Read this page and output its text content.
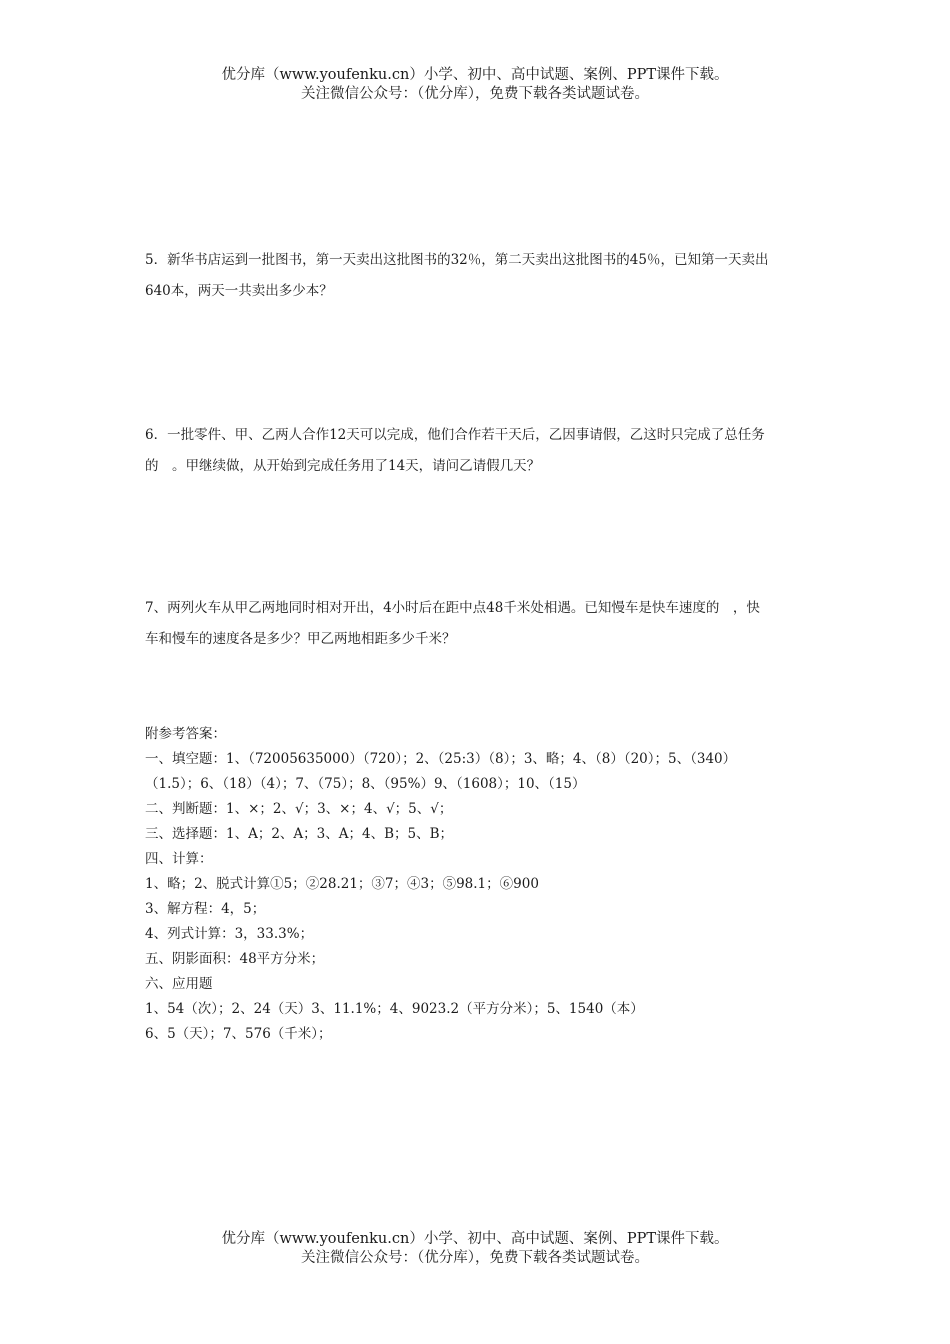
优分库（www.youfenku.cn）小学、初中、高中试题、案例、PPT课件下载。
关注微信公众号：（优分库），免费下载各类试题试卷。
5．新华书店运到一批图书，第一天卖出这批图书的32％，第二天卖出这批图书的45％，已知第一天卖出
640本，两天一共卖出多少本？
6．一批零件、甲、乙两人合作12天可以完成，他们合作若干天后，乙因事请假，乙这时只完成了总任务
的　。甲继续做，从开始到完成任务用了14天，请问乙请假几天？
7、两列火车从甲乙两地同时相对开出，4小时后在距中点48千米处相遇。已知慢车是快车速度的　，快
车和慢车的速度各是多少？甲乙两地相距多少千米？
附参考答案：
一、填空题：1、（72005635000）（720）；2、（25:3）（8）；3、略；4、（8）（20）；5、（340）
（1.5）；6、（18）（4）；7、（75）；8、（95%）9、（1608）；10、（15）
二、判断题：1、×；2、√；3、×；4、√；5、√；
三、选择题：1、A；2、A；3、A；4、B；5、B；
四、计算：
1、略；2、脱式计算①5；②28.21；③7；④3；⑤98.1；⑥900
3、解方程：4，5；
4、列式计算：3，33.3%；
五、阴影面积：48平方分米；
六、应用题
1、54（次）；2、24（天）3、11.1%；4、9023.2（平方分米）；5、1540（本）
6、5（天）；7、576（千米）；
优分库（www.youfenku.cn）小学、初中、高中试题、案例、PPT课件下载。
关注微信公众号：（优分库），免费下载各类试题试卷。
